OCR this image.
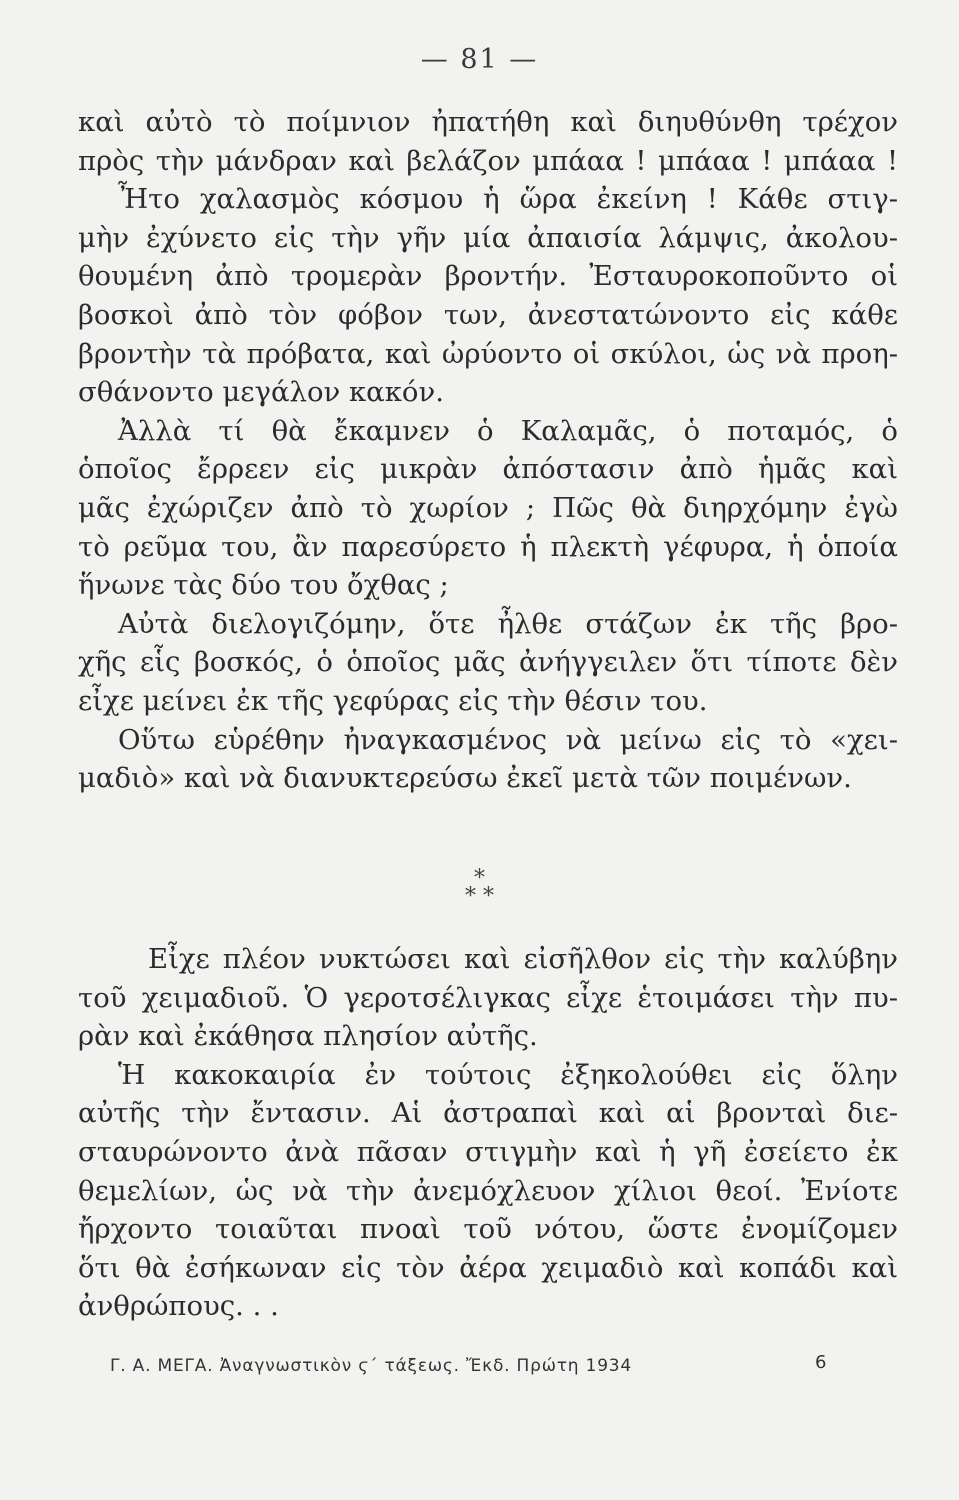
— 81 —
καὶ αὐτὸ τὸ ποίμνιον ἠπατήθη καὶ διηυθύνθη τρέχον
πρὸς τὴν μάνδραν καὶ βελάζον μπάαα ! μπάαα ! μπάαα !
Ἦτο χαλασμὸς κόσμου ἡ ὥρα ἐκείνη ! Κάθε στιγ-
μὴν ἐχύνετο εἰς τὴν γῆν μία ἀπαισία λάμψις, ἀκολου-
θουμένη ἀπὸ τρομερὰν βροντήν. Ἐσταυροκοποῦντο οἱ
βοσκοὶ ἀπὸ τὸν φόβον των, ἀνεστατώνοντο εἰς κάθε
βροντὴν τὰ πρόβατα, καὶ ὠρύοντο οἱ σκύλοι, ὡς νὰ προη-
σθάνοντο μεγάλον κακόν.
Ἀλλὰ τί θὰ ἔκαμνεν ὁ Καλαμᾶς, ὁ ποταμός, ὁ
ὁποῖος ἔρρεεν εἰς μικρὰν ἀπόστασιν ἀπὸ ἡμᾶς καὶ
μᾶς ἐχώριζεν ἀπὸ τὸ χωρίον ; Πῶς θὰ διηρχόμην ἐγὼ
τὸ ρεῦμα του, ἂν παρεσύρετο ἡ πλεκτὴ γέφυρα, ἡ ὁποία
ἥνωνε τὰς δύο του ὄχθας ;
Αὐτὰ διελογιζόμην, ὅτε ἦλθε στάζων ἐκ τῆς βρο-
χῆς εἷς βοσκός, ὁ ὁποῖος μᾶς ἀνήγγειλεν ὅτι τίποτε δὲν
εἶχε μείνει ἐκ τῆς γεφύρας εἰς τὴν θέσιν του.
Οὕτω εὑρέθην ἠναγκασμένος νὰ μείνω εἰς τὸ «χει-
μαδιὸ» καὶ νὰ διανυκτερεύσω ἐκεῖ μετὰ τῶν ποιμένων.
*
* *
Εἶχε πλέον νυκτώσει καὶ εἰσῆλθον εἰς τὴν καλύβην
τοῦ χειμαδιοῦ. Ὁ γεροτσέλιγκας εἶχε ἑτοιμάσει τὴν πυ-
ρὰν καὶ ἐκάθησα πλησίον αὐτῆς.
Ἡ κακοκαιρία ἐν τούτοις ἐξηκολούθει εἰς ὅλην
αὐτῆς τὴν ἔντασιν. Αἱ ἀστραπαὶ καὶ αἱ βρονταὶ διε-
σταυρώνοντο ἀνὰ πᾶσαν στιγμὴν καὶ ἡ γῆ ἐσείετο ἐκ
θεμελίων, ὡς νὰ τὴν ἀνεμόχλευον χίλιοι θεοί. Ἐνίοτε
ἤρχοντο τοιαῦται πνοαὶ τοῦ νότου, ὥστε ἐνομίζομεν
ὅτι θὰ ἐσήκωναν εἰς τὸν ἀέρα χειμαδιὸ καὶ κοπάδι καὶ
ἀνθρώπους. . .
Γ. Α. ΜΕΓΑ. Ἀναγνωστικὸν ϛ΄ τάξεως. Ἔκδ. Πρώτη 1934	6
